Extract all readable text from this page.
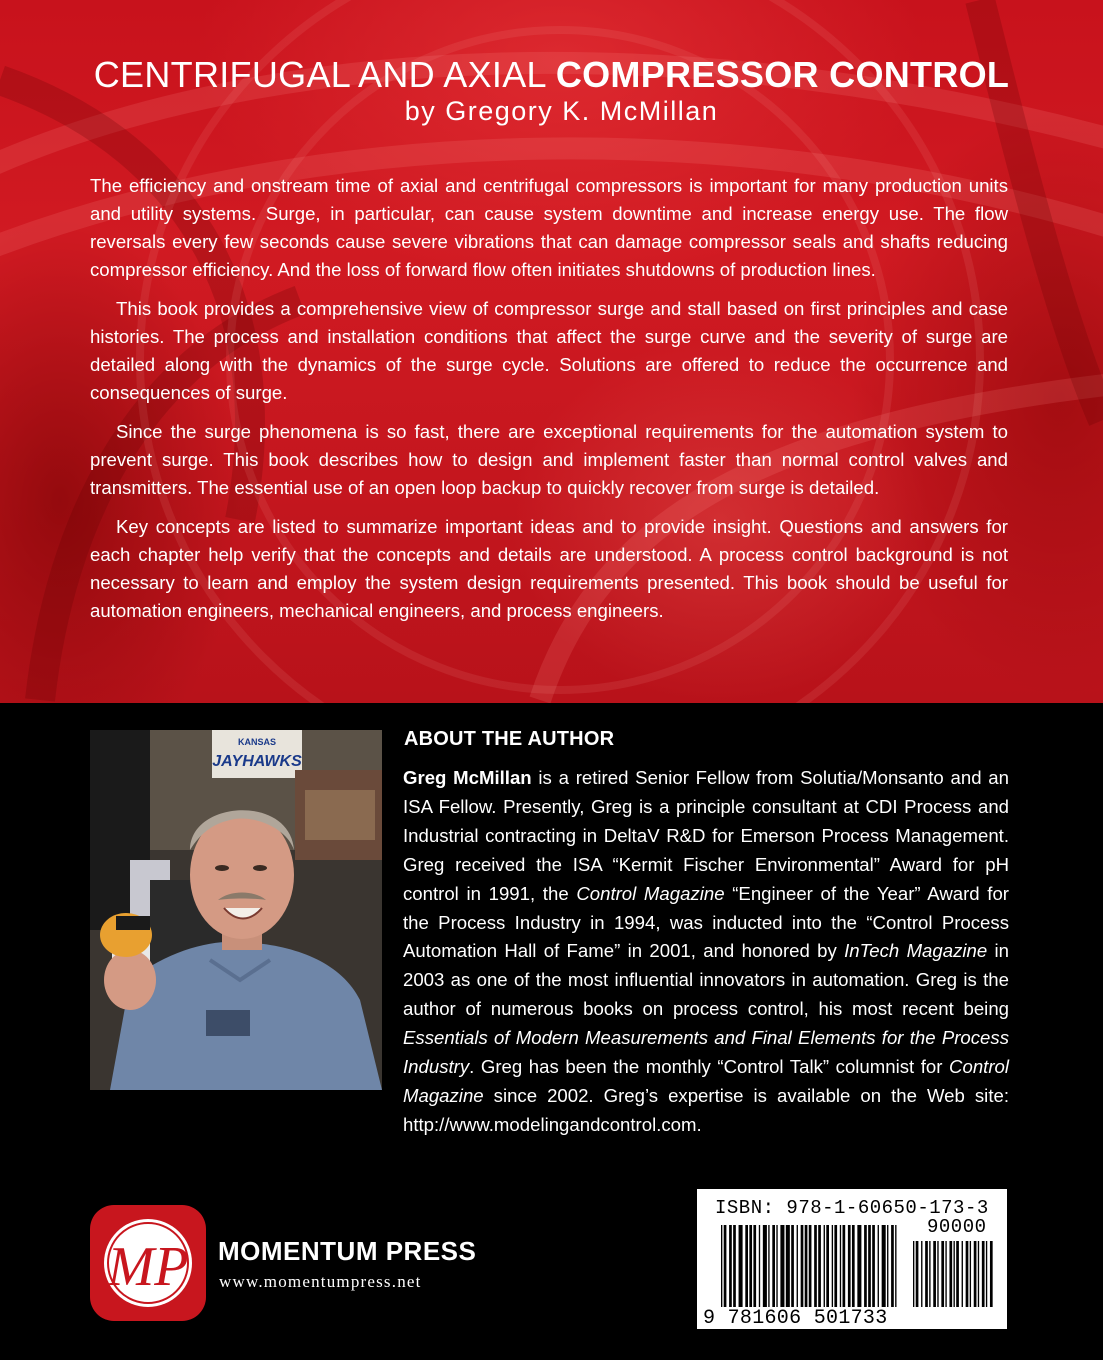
CENTRIFUGAL AND AXIAL COMPRESSOR CONTROL
by Gregory K. McMillan

The efficiency and onstream time of axial and centrifugal compressors is important for many production units and utility systems. Surge, in particular, can cause system downtime and increase energy use. The flow reversals every few seconds cause severe vibrations that can damage compressor seals and shafts reducing compressor efficiency. And the loss of forward flow often initiates shutdowns of production lines.

This book provides a comprehensive view of compressor surge and stall based on first principles and case histories. The process and installation conditions that affect the surge curve and the severity of surge are detailed along with the dynamics of the surge cycle. Solutions are offered to reduce the occurrence and consequences of surge.

Since the surge phenomena is so fast, there are exceptional requirements for the automation system to prevent surge. This book describes how to design and implement faster than normal control valves and transmitters. The essential use of an open loop backup to quickly recover from surge is detailed.

Key concepts are listed to summarize important ideas and to provide insight. Questions and answers for each chapter help verify that the concepts and details are understood. A process control background is not necessary to learn and employ the system design requirements presented. This book should be useful for automation engineers, mechanical engineers, and process engineers.

KANSAS
JAYHAWKS
ABOUT THE AUTHOR
Greg McMillan is a retired Senior Fellow from Solutia/Monsanto and an ISA Fellow. Presently, Greg is a principle consultant at CDI Process and Industrial contracting in DeltaV R&D for Emerson Process Management. Greg received the ISA “Kermit Fischer Environmental” Award for pH control in 1991, the Control Magazine “Engineer of the Year” Award for the Process Industry in 1994, was inducted into the “Control Process Automation Hall of Fame” in 2001, and honored by InTech Magazine in 2003 as one of the most influential innovators in automation. Greg is the author of numerous books on process control, his most recent being Essentials of Modern Measurements and Final Elements for the Process Industry. Greg has been the monthly “Control Talk” columnist for Control Magazine since 2002. Greg’s expertise is available on the Web site: http://www.modelingandcontrol.com.
MP MOMENTUM PRESS
www.momentumpress.net
ISBN: 978-1-60650-173-3
90000
9 781606 501733
